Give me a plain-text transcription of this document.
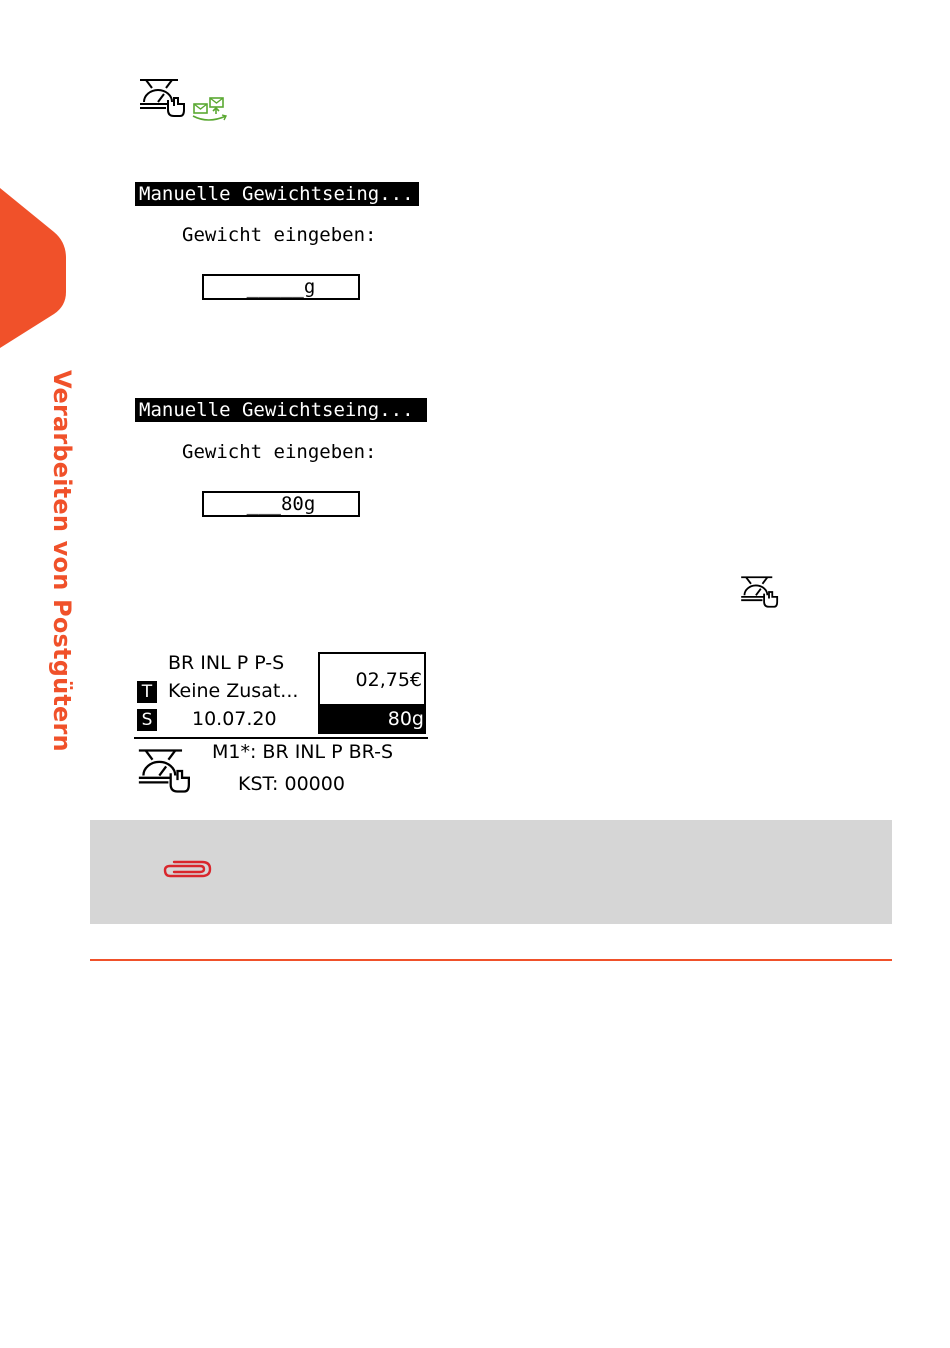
Verarbeiten von Postgütern
Manuelle Gewichtseing...
Gewicht eingeben:
_____g
Manuelle Gewichtseing...
Gewicht eingeben:
___80g
BR INL P P-S
T Keine Zusat...
S 10.07.20
02,75€
80g
M1*: BR INL P BR-S
KST: 00000
